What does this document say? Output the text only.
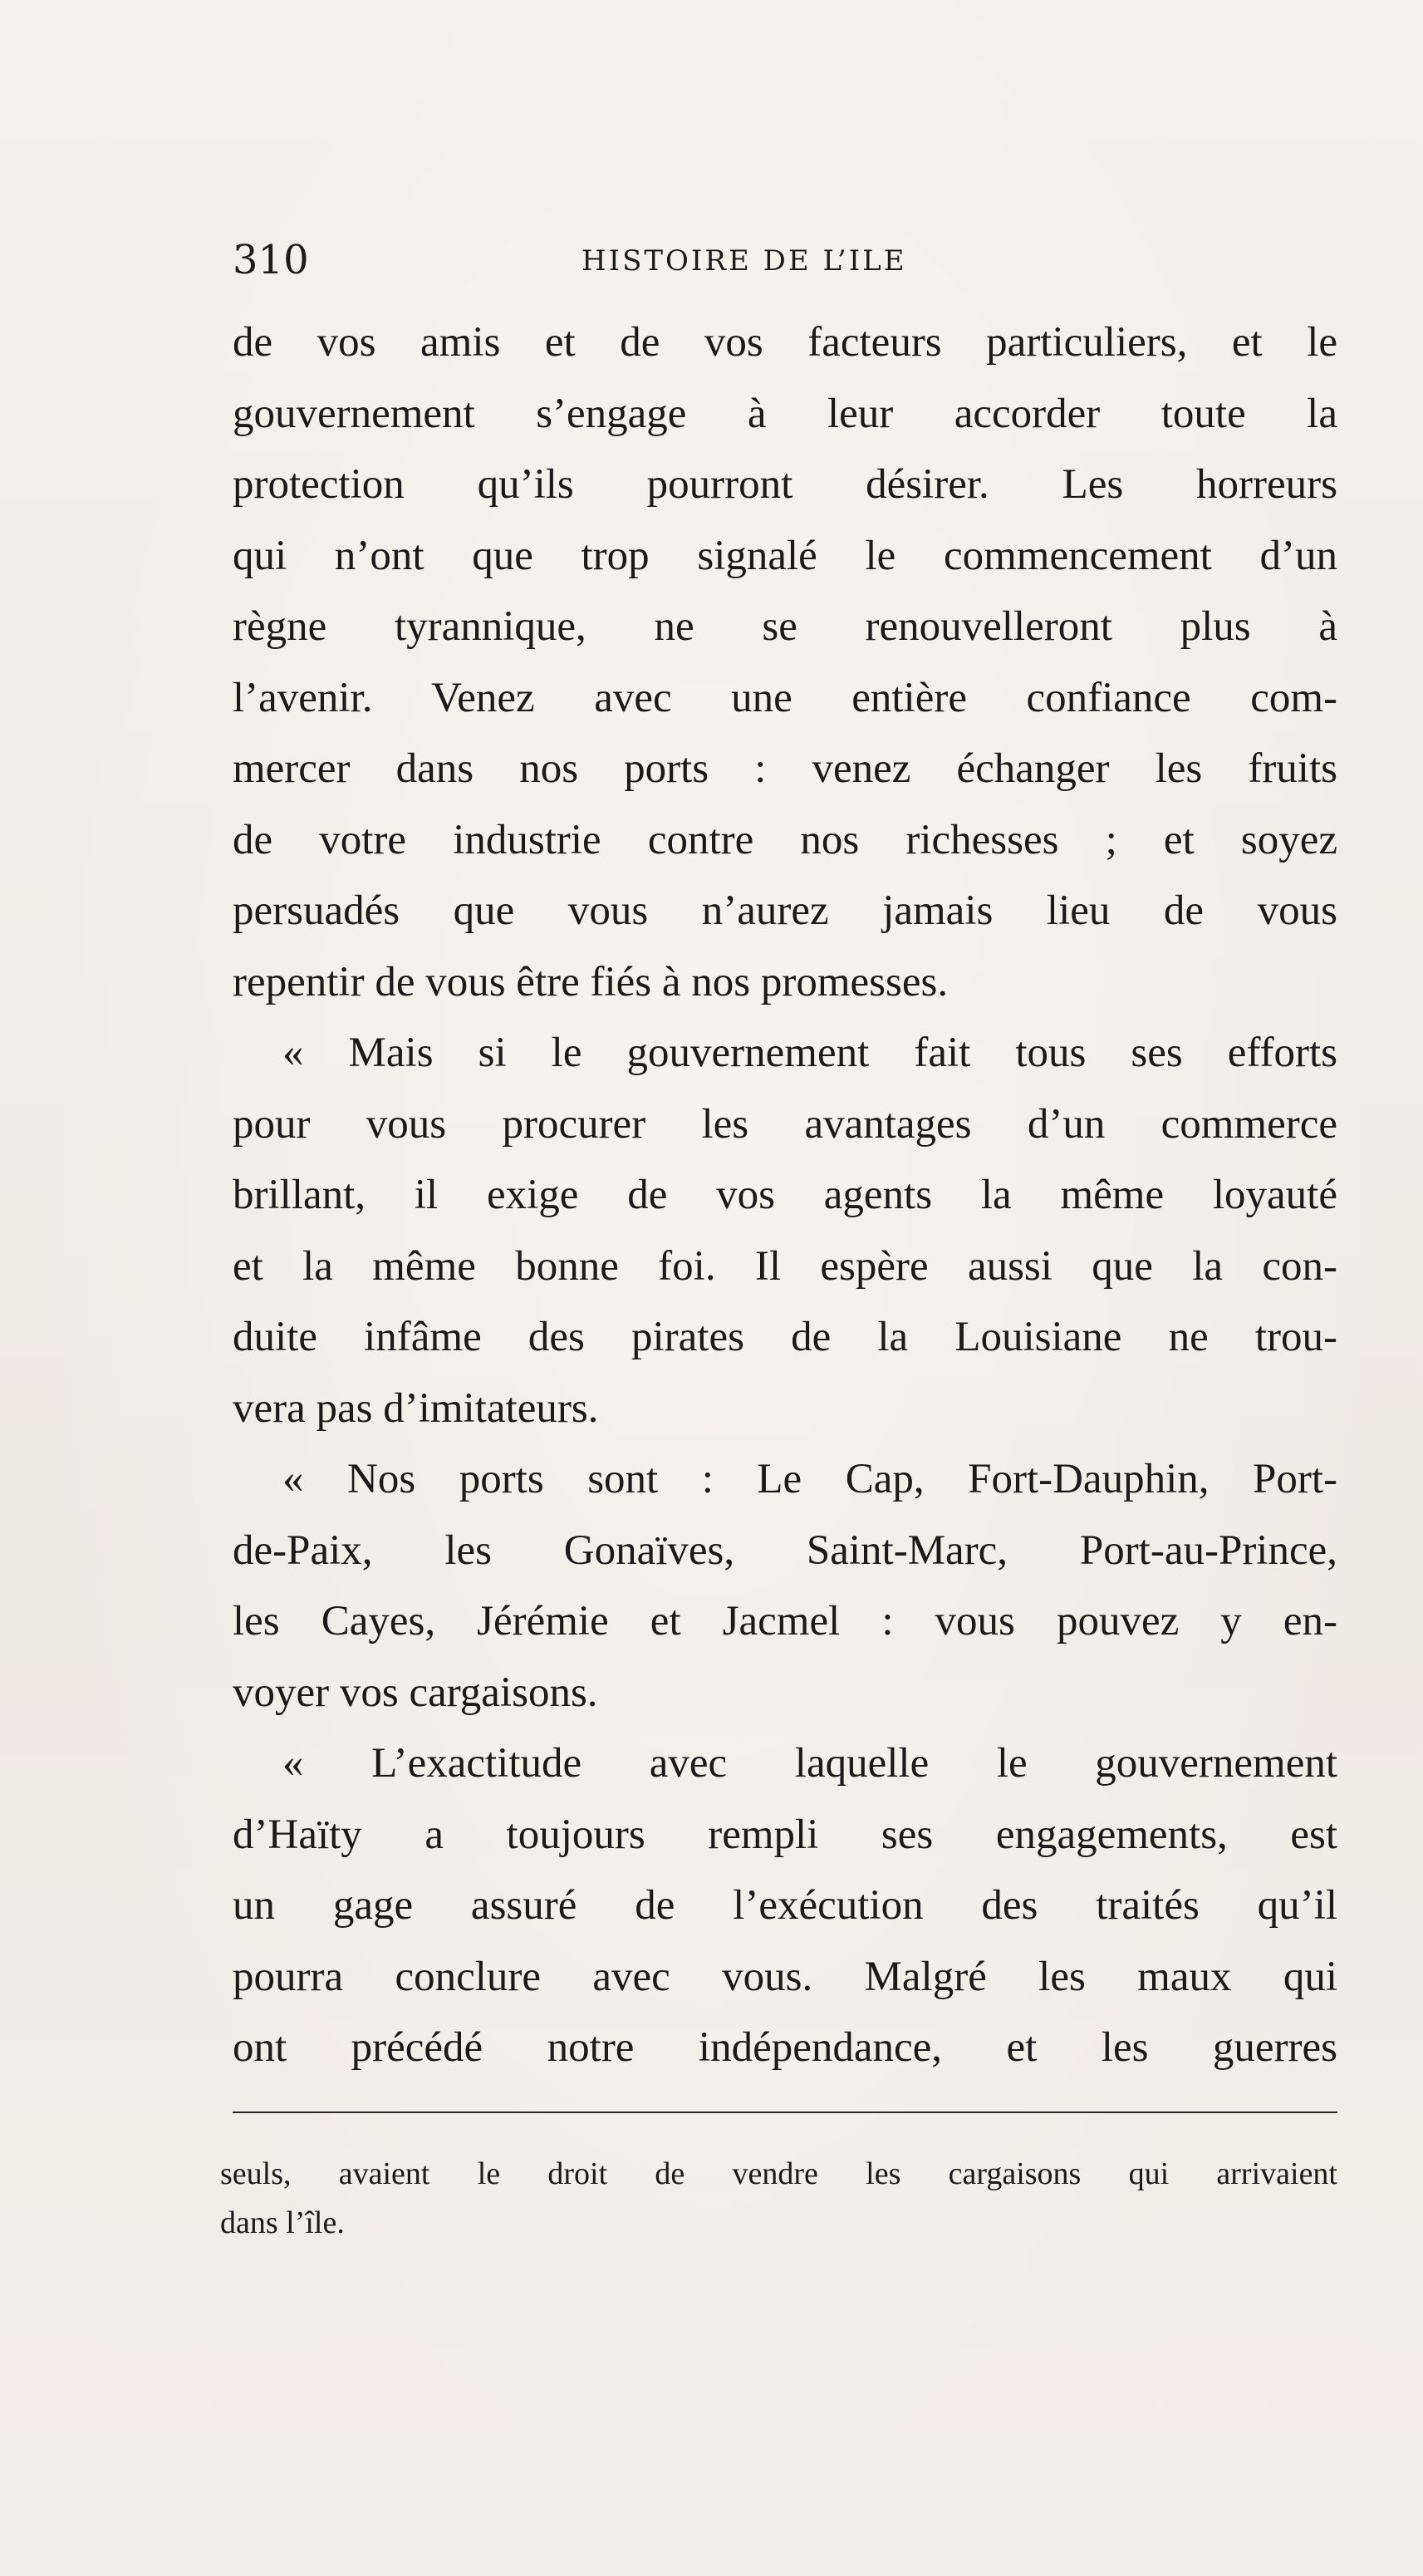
310	HISTOIRE DE L’ILE
de vos amis et de vos facteurs particuliers, et le
gouvernement s’engage à leur accorder toute la
protection qu’ils pourront désirer. Les horreurs
qui n’ont que trop signalé le commencement d’un
règne tyrannique, ne se renouvelleront plus à
l’avenir. Venez avec une entière confiance com-
mercer dans nos ports : venez échanger les fruits
de votre industrie contre nos richesses ; et soyez
persuadés que vous n’aurez jamais lieu de vous
repentir de vous être fiés à nos promesses.
« Mais si le gouvernement fait tous ses efforts
pour vous procurer les avantages d’un commerce
brillant, il exige de vos agents la même loyauté
et la même bonne foi. Il espère aussi que la con-
duite infâme des pirates de la Louisiane ne trou-
vera pas d’imitateurs.
« Nos ports sont : Le Cap, Fort-Dauphin, Port-
de-Paix, les Gonaïves, Saint-Marc, Port-au-Prince,
les Cayes, Jérémie et Jacmel : vous pouvez y en-
voyer vos cargaisons.
« L’exactitude avec laquelle le gouvernement
d’Haïty a toujours rempli ses engagements, est
un gage assuré de l’exécution des traités qu’il
pourra conclure avec vous. Malgré les maux qui
ont précédé notre indépendance, et les guerres
seuls, avaient le droit de vendre les cargaisons qui arrivaient
dans l’île.
